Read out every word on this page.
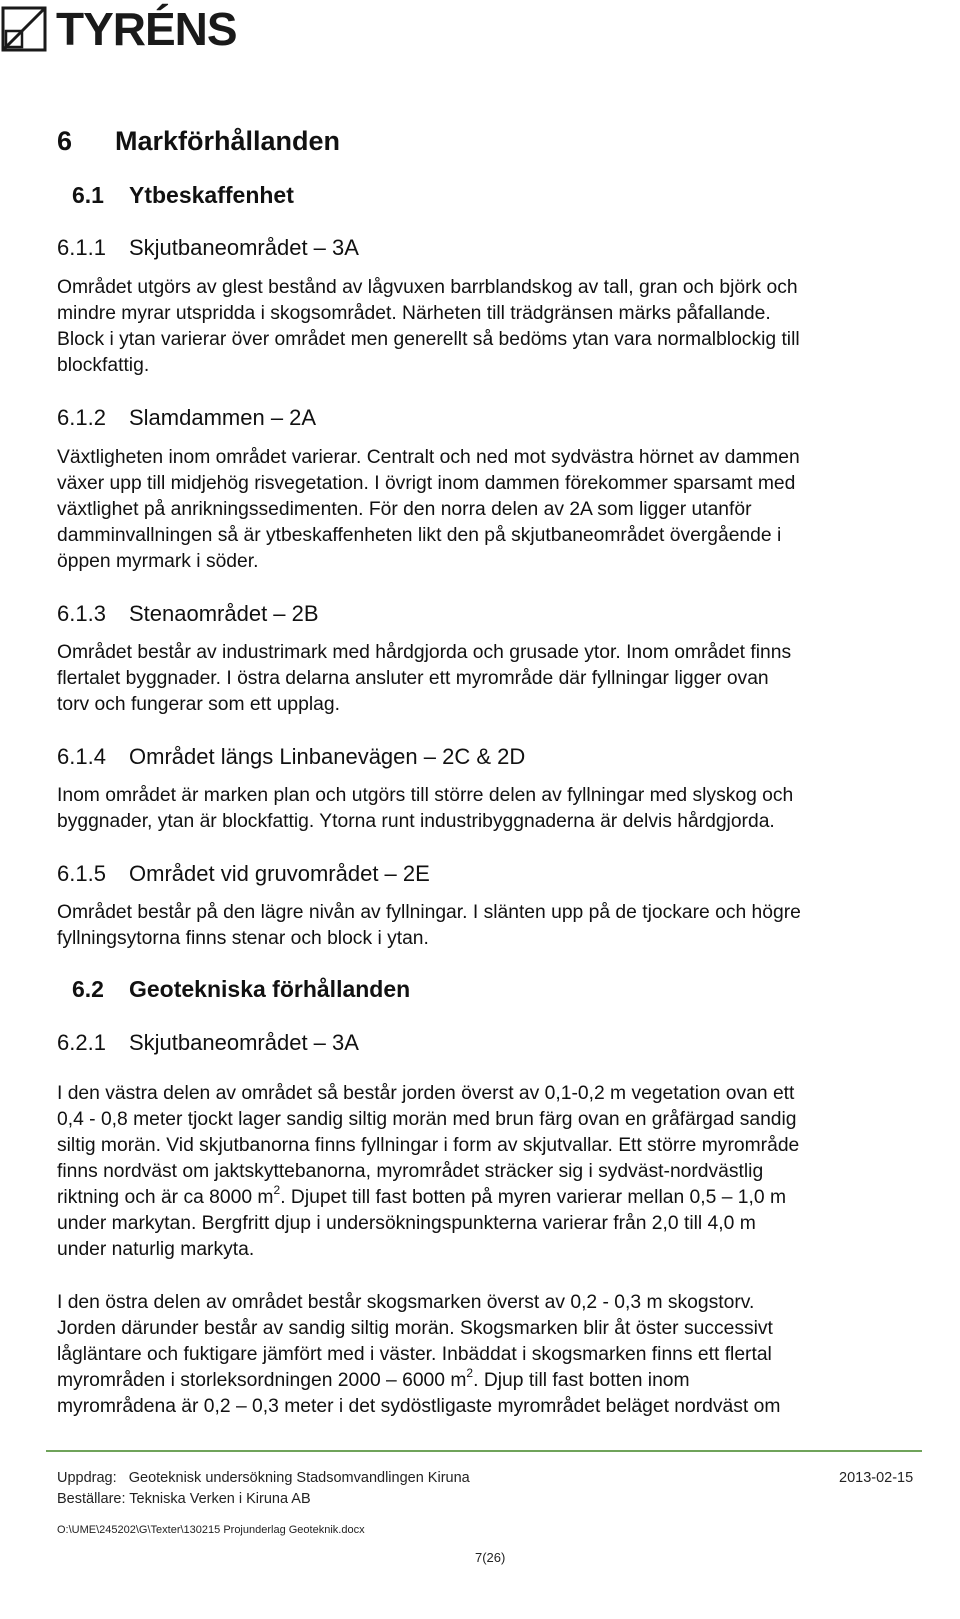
TYRÉNS
6 Markförhållanden
6.1 Ytbeskaffenhet
6.1.1 Skjutbaneområdet – 3A
Området utgörs av glest bestånd av lågvuxen barrblandskog av tall, gran och björk och
mindre myrar utspridda i skogsområdet. Närheten till trädgränsen märks påfallande.
Block i ytan varierar över området men generellt så bedöms ytan vara normalblockig till
blockfattig.
6.1.2 Slamdammen – 2A
Växtligheten inom området varierar. Centralt och ned mot sydvästra hörnet av dammen
växer upp till midjehög risvegetation. I övrigt inom dammen förekommer sparsamt med
växtlighet på anrikningssedimenten. För den norra delen av 2A som ligger utanför
damminvallningen så är ytbeskaffenheten likt den på skjutbaneområdet övergående i
öppen myrmark i söder.
6.1.3 Stenaområdet – 2B
Området består av industrimark med hårdgjorda och grusade ytor. Inom området finns
flertalet byggnader. I östra delarna ansluter ett myrområde där fyllningar ligger ovan
torv och fungerar som ett upplag.
6.1.4 Området längs Linbanevägen – 2C & 2D
Inom området är marken plan och utgörs till större delen av fyllningar med slyskog och
byggnader, ytan är blockfattig. Ytorna runt industribyggnaderna är delvis hårdgjorda.
6.1.5 Området vid gruvområdet – 2E
Området består på den lägre nivån av fyllningar. I slänten upp på de tjockare och högre
fyllningsytorna finns stenar och block i ytan.
6.2 Geotekniska förhållanden
6.2.1 Skjutbaneområdet – 3A
I den västra delen av området så består jorden överst av 0,1-0,2 m vegetation ovan ett
0,4 - 0,8 meter tjockt lager sandig siltig morän med brun färg ovan en gråfärgad sandig
siltig morän. Vid skjutbanorna finns fyllningar i form av skjutvallar. Ett större myrområde
finns nordväst om jaktskyttebanorna, myrområdet sträcker sig i sydväst-nordvästlig
riktning och är ca 8000 $m^2$. Djupet till fast botten på myren varierar mellan 0,5 – 1,0 m
under markytan. Bergfritt djup i undersökningspunkterna varierar från 2,0 till 4,0 m
under naturlig markyta.
I den östra delen av området består skogsmarken överst av 0,2 - 0,3 m skogstorv.
Jorden därunder består av sandig siltig morän. Skogsmarken blir åt öster successivt
lågläntare och fuktigare jämfört med i väster. Inbäddat i skogsmarken finns ett flertal
myrområden i storleksordningen 2000 – 6000 $m^2$. Djup till fast botten inom
myrområdena är 0,2 – 0,3 meter i det sydöstligaste myrområdet beläget nordväst om
Uppdrag: Geoteknisk undersökning Stadsomvandlingen Kiruna	2013-02-15
Beställare: Tekniska Verken i Kiruna AB
O:\UME\245202\G\Texter\130215 Projunderlag Geoteknik.docx
7(26)
